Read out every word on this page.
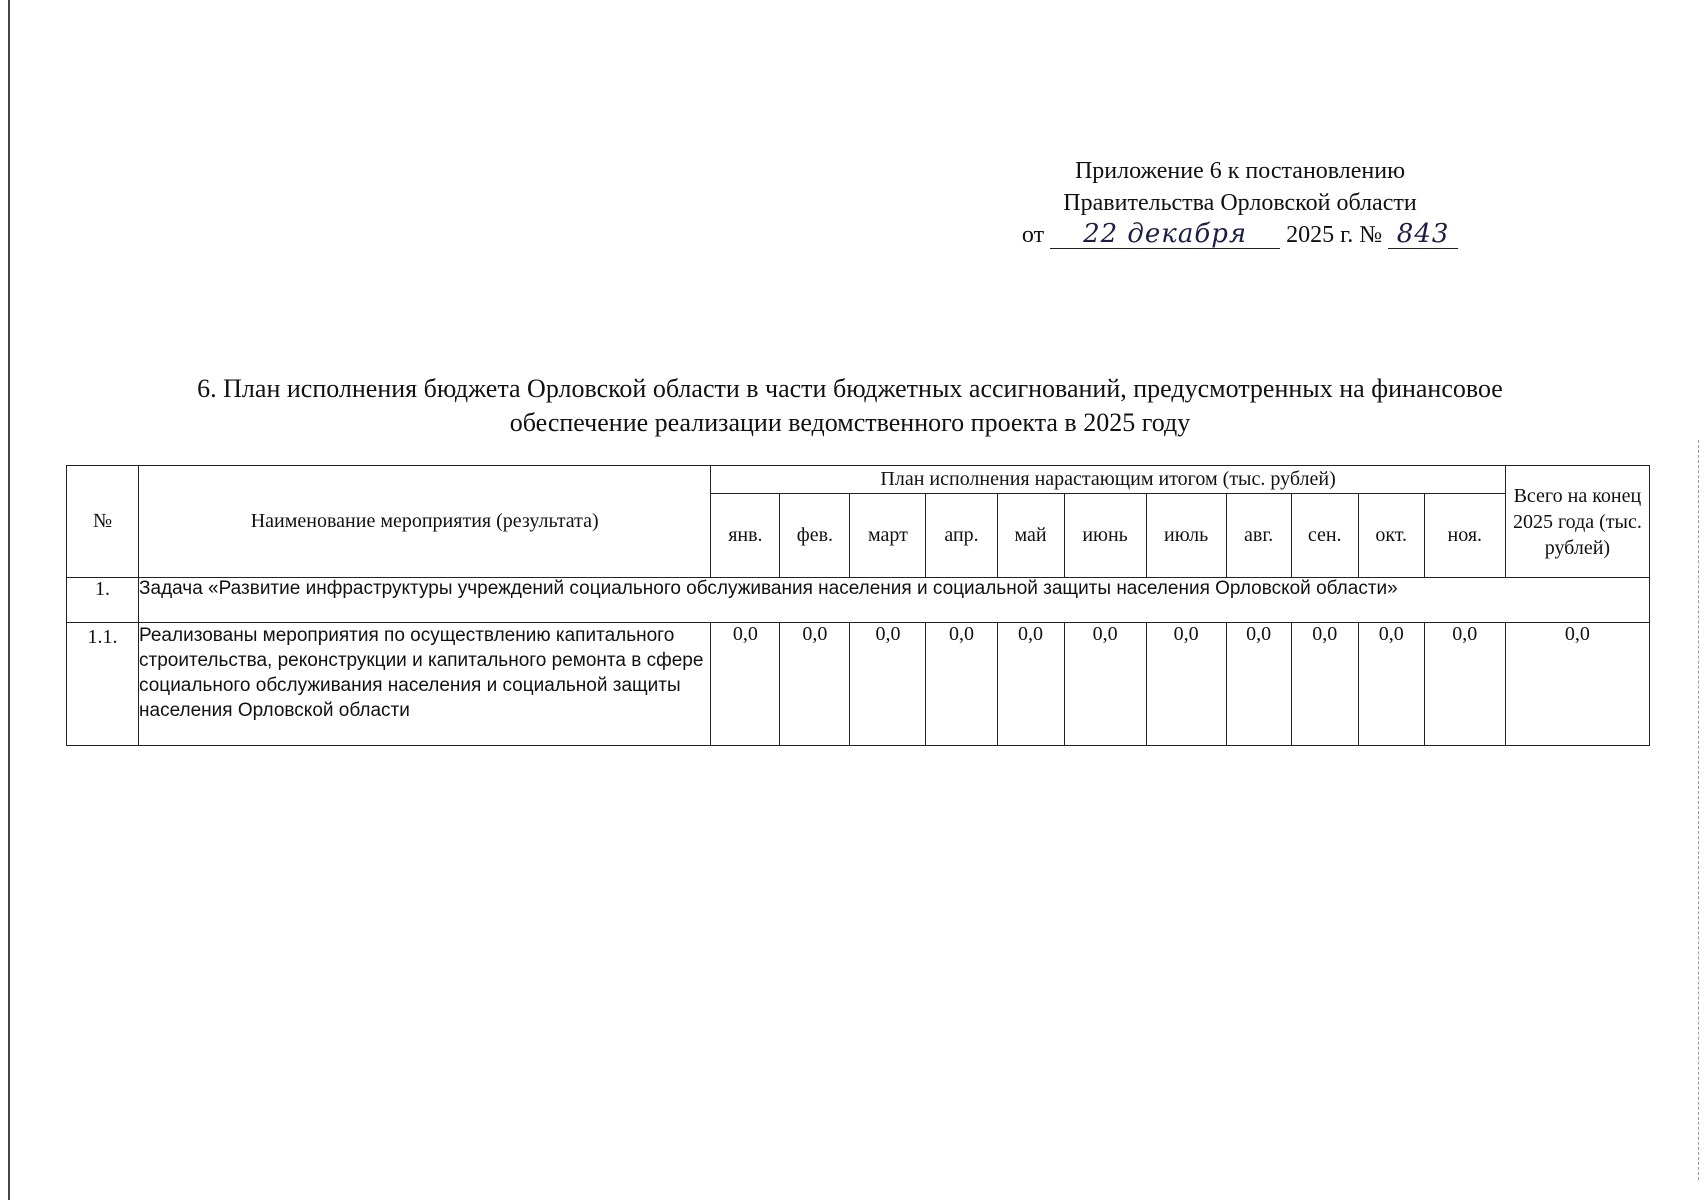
Приложение 6 к постановлению
Правительства Орловской области
от 22 декабря 2025 г. № 843
6. План исполнения бюджета Орловской области в части бюджетных ассигнований, предусмотренных на финансовое
обеспечение реализации ведомственного проекта в 2025 году
№	Наименование мероприятия (результата)	План исполнения нарастающим итогом (тыс. рублей)											Всего на конец 2025 года (тыс. рублей)
		янв.	фев.	март	апр.	май	июнь	июль	авг.	сен.	окт.	ноя.	
1.	Задача «Развитие инфраструктуры учреждений социального обслуживания населения и социальной защиты населения Орловской области»												
1.1.	Реализованы мероприятия по осуществлению капитального строительства, реконструкции и капитального ремонта в сфере социального обслуживания населения и социальной защиты населения Орловской области	0,0	0,0	0,0	0,0	0,0	0,0	0,0	0,0	0,0	0,0	0,0	0,0
